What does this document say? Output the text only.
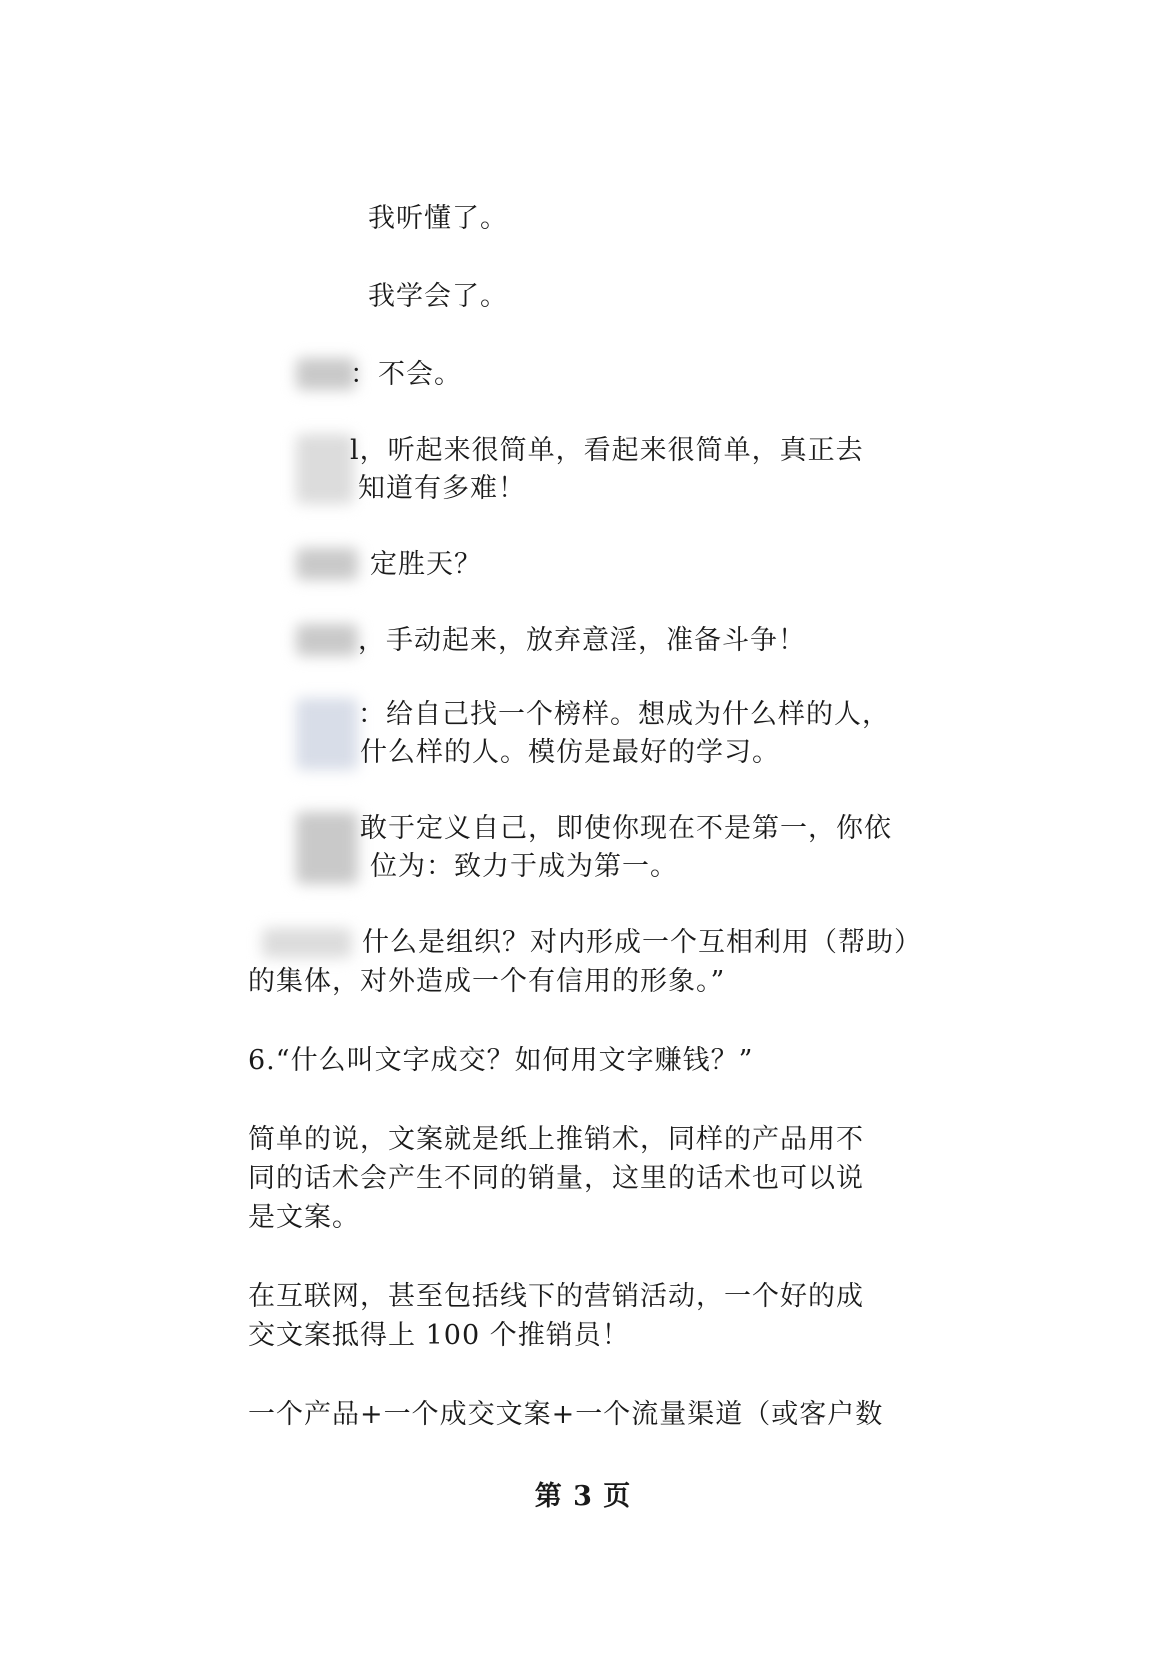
我听懂了。
我学会了。
：不会。
l，听起来很简单，看起来很简单，真正去
知道有多难！
定胜天？
，手动起来，放弃意淫，准备斗争！
：给自己找一个榜样。想成为什么样的人，
什么样的人。模仿是最好的学习。
敢于定义自己，即使你现在不是第一，你依
位为：致力于成为第一。
什么是组织？对内形成一个互相利用（帮助）
的集体，对外造成一个有信用的形象。”
6.“什么叫文字成交？如何用文字赚钱？”
简单的说，文案就是纸上推销术，同样的产品用不
同的话术会产生不同的销量，这里的话术也可以说
是文案。
在互联网，甚至包括线下的营销活动，一个好的成
交文案抵得上 100 个推销员！
一个产品+一个成交文案+一个流量渠道（或客户数
第 3 页
